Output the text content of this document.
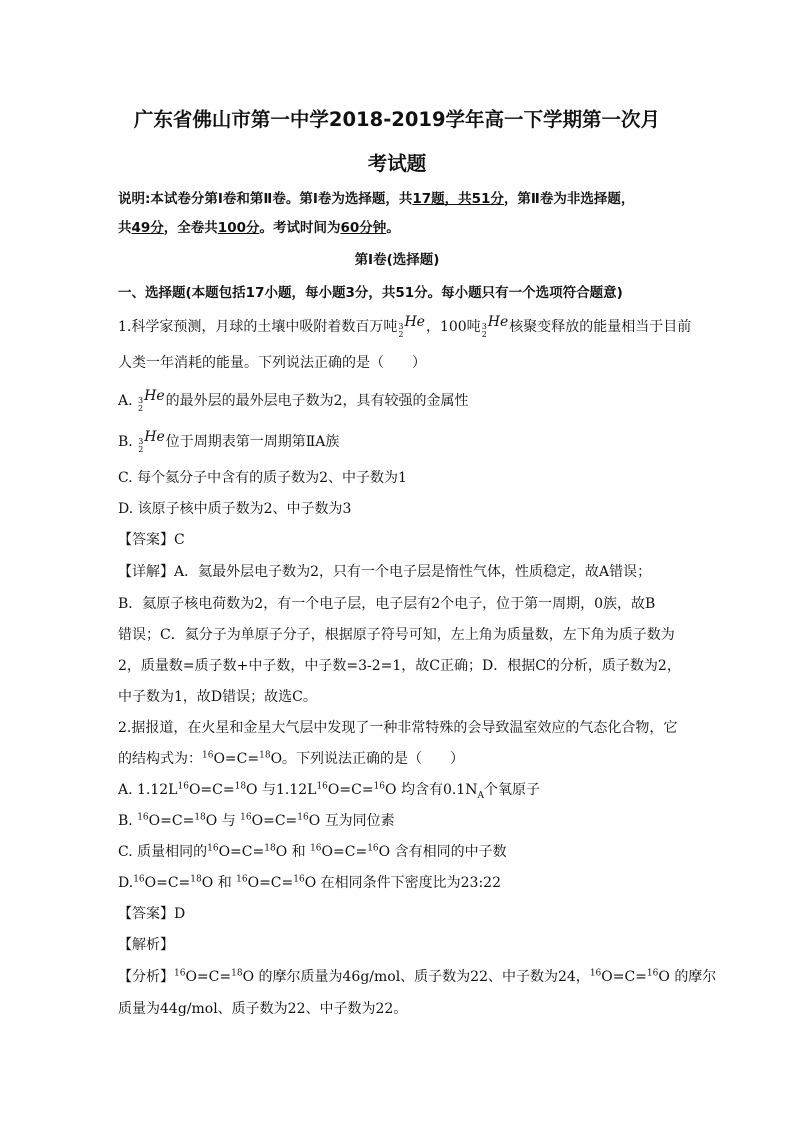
广东省佛山市第一中学2018-2019学年高一下学期第一次月
考试题
说明:本试卷分第Ⅰ卷和第Ⅱ卷。第Ⅰ卷为选择题，共17题，共51分，第Ⅱ卷为非选择题，
共49分，全卷共100分。考试时间为60分钟。
第Ⅰ卷(选择题)
一、选择题(本题包括17小题，每小题3分，共51分。每小题只有一个选项符合题意)
1.科学家预测，月球的土壤中吸附着数百万吨 3
2
He，100吨 3
2
He核聚变释放的能量相当于目前
人类一年消耗的能量。下列说法正确的是（　　）
A. 3
2
He的最外层的最外层电子数为2，具有较强的金属性
B. 3
2
He位于周期表第一周期第ⅡA族
C. 每个氦分子中含有的质子数为2、中子数为1
D. 该原子核中质子数为2、中子数为3
【答案】C
【详解】A．氦最外层电子数为2，只有一个电子层是惰性气体，性质稳定，故A错误；
B．氦原子核电荷数为2，有一个电子层，电子层有2个电子，位于第一周期，0族，故B
错误；C．氦分子为单原子分子，根据原子符号可知，左上角为质量数，左下角为质子数为
2，质量数=质子数+中子数，中子数=3-2=1，故C正确；D．根据C的分析，质子数为2，
中子数为1，故D错误；故选C。
2.据报道，在火星和金星大气层中发现了一种非常特殊的会导致温室效应的气态化合物，它
的结构式为：$^{16}$O=C=$^{18}$O。下列说法正确的是（　　）
A. $1.12L^{16}O=C=^{18}O$ 与$1.12L^{16}O=C=^{16}O$ 均含有$0.1N_A$个氧原子
B. $^{16}$O=C=$^{18}$O 与 $^{16}$O=C=$^{16}$O 互为同位素
C. 质量相同的$^{16}$O=C=$^{18}$O 和 $^{16}$O=C=$^{16}$O 含有相同的中子数
D.$^{16}$O=C=$^{18}$O 和 $^{16}$O=C=$^{16}$O 在相同条件下密度比为23:22
【答案】D
【解析】
【分析】$^{16}$O=C=$^{18}$O 的摩尔质量为46g/mol、质子数为22、中子数为24，$^{16}$O=C=$^{16}$O 的摩尔
质量为44g/mol、质子数为22、中子数为22。
